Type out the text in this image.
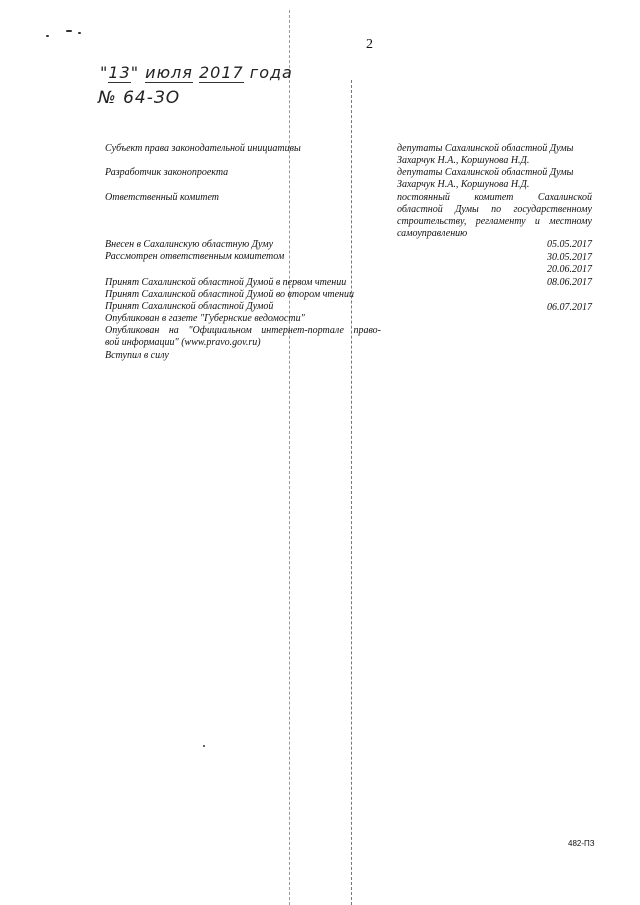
2
"13" июля 2017 года
№ 64-ЗО
Субъект права законодательной инициативы
Разработчик законопроекта
Ответственный комитет
депутаты Сахалинской областной Думы
Захарчук Н.А., Коршунова Н.Д.
депутаты Сахалинской областной Думы
Захарчук Н.А., Коршунова Н.Д.
постоянный комитет Сахалинской
областной Думы по государственному
строительству, регламенту и местному
самоуправлению
Внесен в Сахалинскую областную Думу
Рассмотрен ответственным комитетом
Принят Сахалинской областной Думой в первом чтении
Принят Сахалинской областной Думой во втором чтении
Принят Сахалинской областной Думой
Опубликован в газете "Губернские ведомости"
Опубликован на "Официальном интернет-портале право-
вой информации" (www.pravo.gov.ru)
Вступил в силу
05.05.2017
30.05.2017
20.06.2017
08.06.2017
06.07.2017
482-ПЗ
